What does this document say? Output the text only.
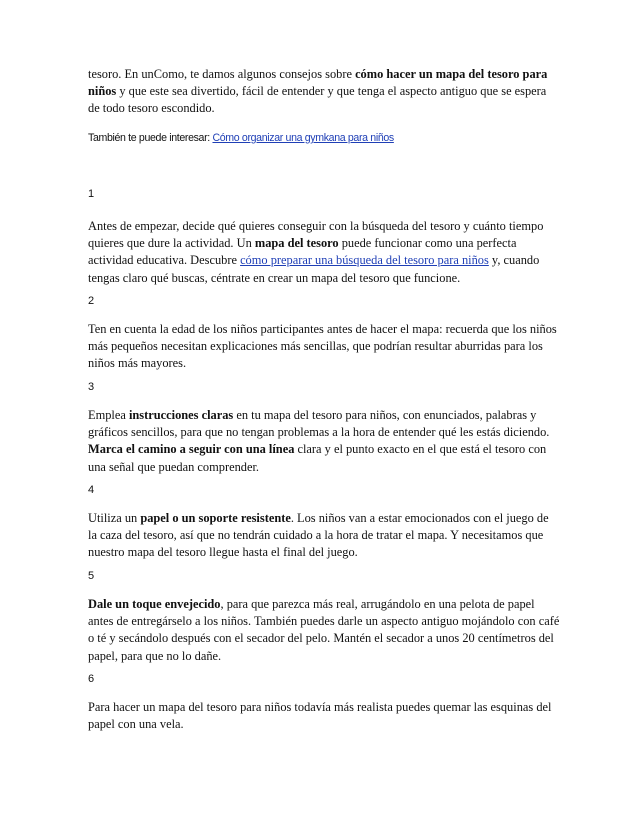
tesoro. En unComo, te damos algunos consejos sobre cómo hacer un mapa del tesoro para niños y que este sea divertido, fácil de entender y que tenga el aspecto antiguo que se espera de todo tesoro escondido.

También te puede interesar: Cómo organizar una gymkana para niños

1

Antes de empezar, decide qué quieres conseguir con la búsqueda del tesoro y cuánto tiempo quieres que dure la actividad. Un mapa del tesoro puede funcionar como una perfecta actividad educativa. Descubre cómo preparar una búsqueda del tesoro para niños y, cuando tengas claro qué buscas, céntrate en crear un mapa del tesoro que funcione.

2

Ten en cuenta la edad de los niños participantes antes de hacer el mapa: recuerda que los niños más pequeños necesitan explicaciones más sencillas, que podrían resultar aburridas para los niños más mayores.

3

Emplea instrucciones claras en tu mapa del tesoro para niños, con enunciados, palabras y gráficos sencillos, para que no tengan problemas a la hora de entender qué les estás diciendo. Marca el camino a seguir con una línea clara y el punto exacto en el que está el tesoro con una señal que puedan comprender.

4

Utiliza un papel o un soporte resistente. Los niños van a estar emocionados con el juego de la caza del tesoro, así que no tendrán cuidado a la hora de tratar el mapa. Y necesitamos que nuestro mapa del tesoro llegue hasta el final del juego.

5

Dale un toque envejecido, para que parezca más real, arrugándolo en una pelota de papel antes de entregárselo a los niños. También puedes darle un aspecto antiguo mojándolo con café o té y secándolo después con el secador del pelo. Mantén el secador a unos 20 centímetros del papel, para que no lo dañe.

6

Para hacer un mapa del tesoro para niños todavía más realista puedes quemar las esquinas del papel con una vela.
